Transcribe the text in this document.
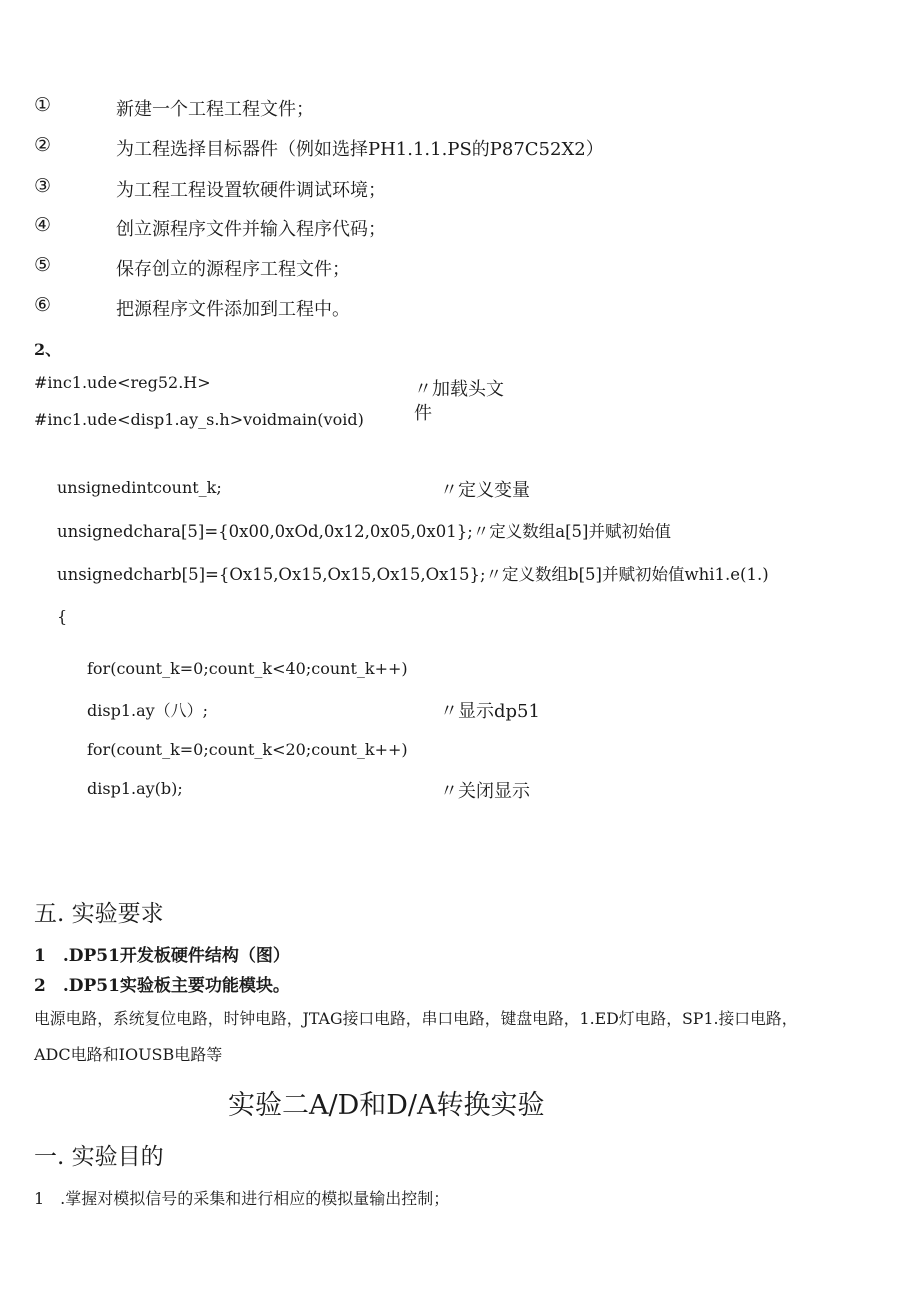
①	新建一个工程工程文件；
②	为工程选择目标器件（例如选择PH1.1.1.PS的P87C52X2）
③	为工程工程设置软硬件调试环境；
④	创立源程序文件并输入程序代码；
⑤	保存创立的源程序工程文件；
⑥	把源程序文件添加到工程中。
2、
#inc1.ude<reg52.H>
#inc1.ude<disp1.ay_s.h>voidmain(void)
〃加载头文
件
unsignedintcount_k;	〃定义变量
unsignedchara[5]={0x00,0xOd,0x12,0x05,0x01};〃定义数组a[5]并赋初始值
unsignedcharb[5]={Ox15,Ox15,Ox15,Ox15,Ox15};〃定义数组b[5]并赋初始值whi1.e(1.)
{
for(count_k=0;count_k<40;count_k++)
disp1.ay（八）;	〃显示dp51
for(count_k=0;count_k<20;count_k++)
disp1.ay(b);	〃关闭显示
五. 实验要求
1　.DP51开发板硬件结构（图）
2　.DP51实验板主要功能模块。
电源电路，系统复位电路，时钟电路，JTAG接口电路，串口电路，键盘电路，1.ED灯电路，SP1.接口电路，
ADC电路和IOUSB电路等
实验二A/D和D/A转换实验
一. 实验目的
1　.掌握对模拟信号的采集和进行相应的模拟量输出控制；
